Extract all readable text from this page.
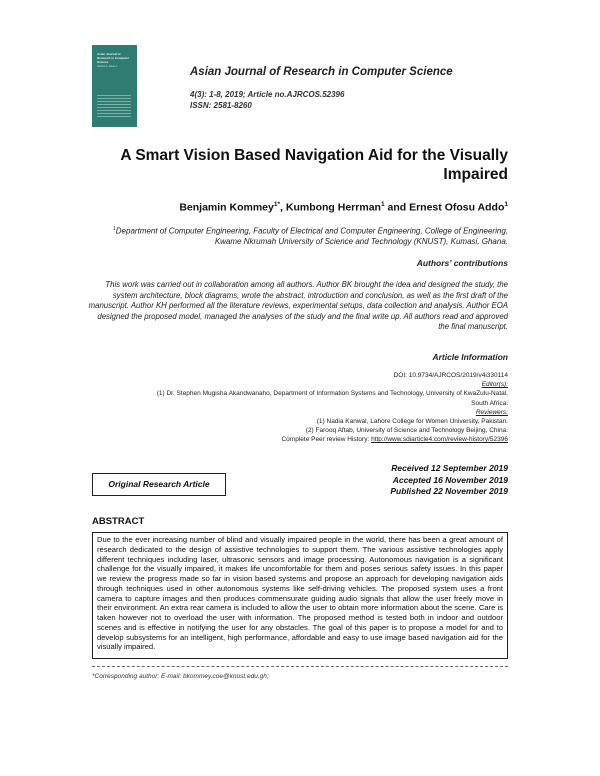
Asian Journal of Research in Computer Science
Volume 4, Issue 3	Asian Journal of Research in Computer Science
4(3): 1-8, 2019; Article no.AJRCOS.52396
ISSN: 2581-8260
A Smart Vision Based Navigation Aid for the Visually Impaired
Benjamin Kommey$^{1*}$, Kumbong Herrman$^1$ and Ernest Ofosu Addo$^1$
$^1$Department of Computer Engineering, Faculty of Electrical and Computer Engineering, College of Engineering, Kwame Nkrumah University of Science and Technology (KNUST), Kumasi, Ghana.
Authors’ contributions
This work was carried out in collaboration among all authors. Author BK brought the idea and designed the study, the system architecture, block diagrams, wrote the abstract, introduction and conclusion, as well as the first draft of the manuscript. Author KH performed all the literature reviews, experimental setups, data collection and analysis. Author EOA designed the proposed model, managed the analyses of the study and the final write up. All authors read and approved the final manuscript.
Article Information
DOI: 10.9734/AJRCOS/2019/v4i330114
Editor(s):
(1) Dr. Stephen Mugisha Akandwanaho, Department of Information Systems and Technology, University of KwaZulu-Natal,
South Africa.
Reviewers:
(1) Nadia Kanwal, Lahore College for Women University, Pakistan.
(2) Farooq Aftab, University of Science and Technology Beijing, China.
Complete Peer review History: http://www.sdiarticle4.com/review-history/52396
Original Research Article
Received 12 September 2019
Accepted 16 November 2019
Published 22 November 2019
ABSTRACT
Due to the ever increasing number of blind and visually impaired people in the world, there has been a great amount of research dedicated to the design of assistive technologies to support them. The various assistive technologies apply different techniques including laser, ultrasonic sensors and image processing. Autonomous navigation is a significant challenge for the visually impaired, it makes life uncomfortable for them and poses serious safety issues. In this paper we review the progress made so far in vision based systems and propose an approach for developing navigation aids through techniques used in other autonomous systems like self-driving vehicles. The proposed system uses a front camera to capture images and then produces commensurate guiding audio signals that allow the user freely move in their environment. An extra rear camera is included to allow the user to obtain more information about the scene. Care is taken however not to overload the user with information. The proposed method is tested both in indoor and outdoor scenes and is effective in notifying the user for any obstacles. The goal of this paper is to propose a model for and to develop subsystems for an intelligent, high performance, affordable and easy to use image based navigation aid for the visually impaired.
*Corresponding author: E-mail: bkommey.coe@knust.edu.gh;
